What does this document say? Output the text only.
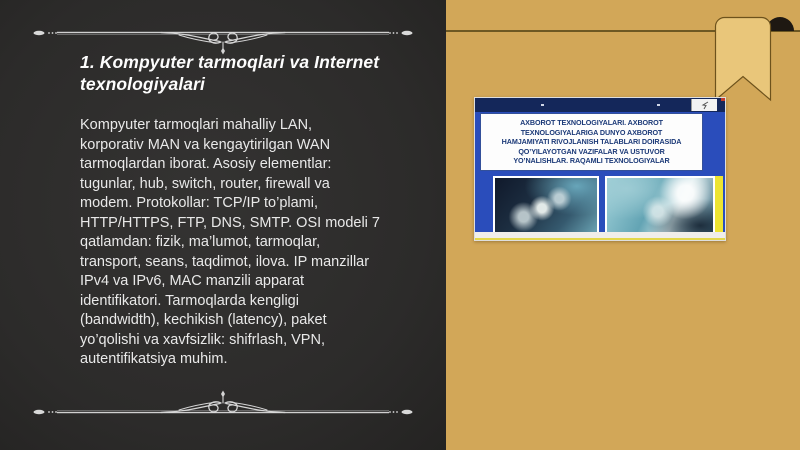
1. Kompyuter tarmoqlari va Internet texnologiyalari
Kompyuter tarmoqlari mahalliy LAN,
korporativ MAN va kengaytirilgan WAN
tarmoqlardan iborat. Asosiy elementlar:
tugunlar, hub, switch, router, firewall va
modem. Protokollar: TCP/IP to’plami,
HTTP/HTTPS, FTP, DNS, SMTP. OSI modeli 7
qatlamdan: fizik, ma’lumot, tarmoqlar,
transport, seans, taqdimot, ilova. IP manzillar
IPv4 va IPv6, MAC manzili apparat
identifikatori. Tarmoqlarda kengligi
(bandwidth), kechikish (latency), paket
yo’qolishi va xavfsizlik: shifrlash, VPN,
autentifikatsiya muhim.
AXBOROT TEXNOLOGIYALARI. AXBOROT
TEXNOLOGIYALARIGA DUNYO AXBOROT
HAMJAMIYATI RIVOJLANISH TALABLARI DOIRASIDA
QO’YILAYOTGAN VAZIFALAR VA USTUVOR
YO’NALISHLAR. RAQAMLI TEXNOLOGIYALAR
